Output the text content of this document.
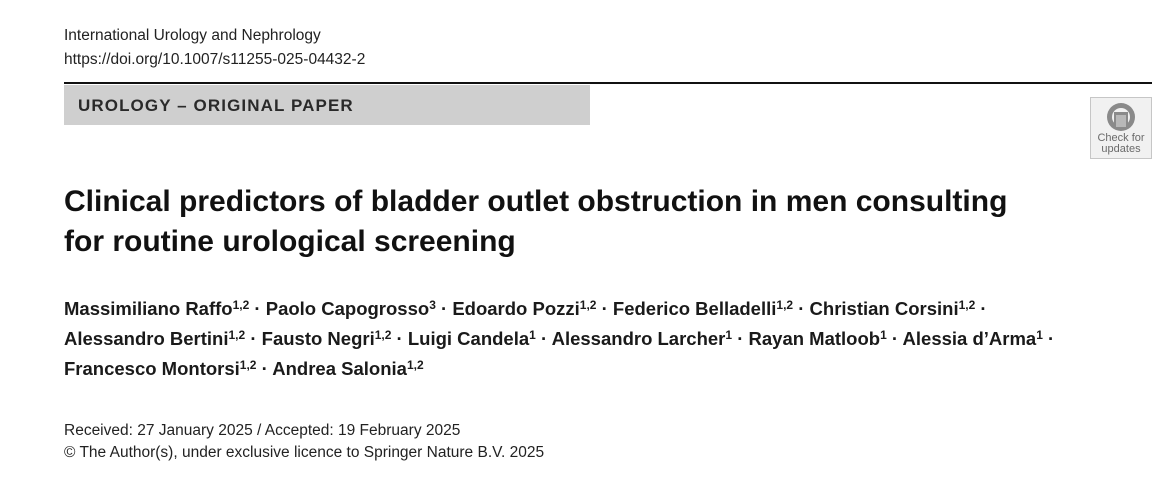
International Urology and Nephrology
https://doi.org/10.1007/s11255-025-04432-2
UROLOGY – ORIGINAL PAPER
Check for
updates
Clinical predictors of bladder outlet obstruction in men consulting
for routine urological screening
Massimiliano Raffo$^{1,2}$ · Paolo Capogrosso$^3$ · Edoardo Pozzi$^{1,2}$ · Federico Belladelli$^{1,2}$ · Christian Corsini$^{1,2}$ ·
Alessandro Bertini$^{1,2}$ · Fausto Negri$^{1,2}$ · Luigi Candela$^1$ · Alessandro Larcher$^1$ · Rayan Matloob$^1$ · Alessia d’Arma$^1$ ·
Francesco Montorsi$^{1,2}$ · Andrea Salonia$^{1,2}$
Received: 27 January 2025 / Accepted: 19 February 2025
© The Author(s), under exclusive licence to Springer Nature B.V. 2025
